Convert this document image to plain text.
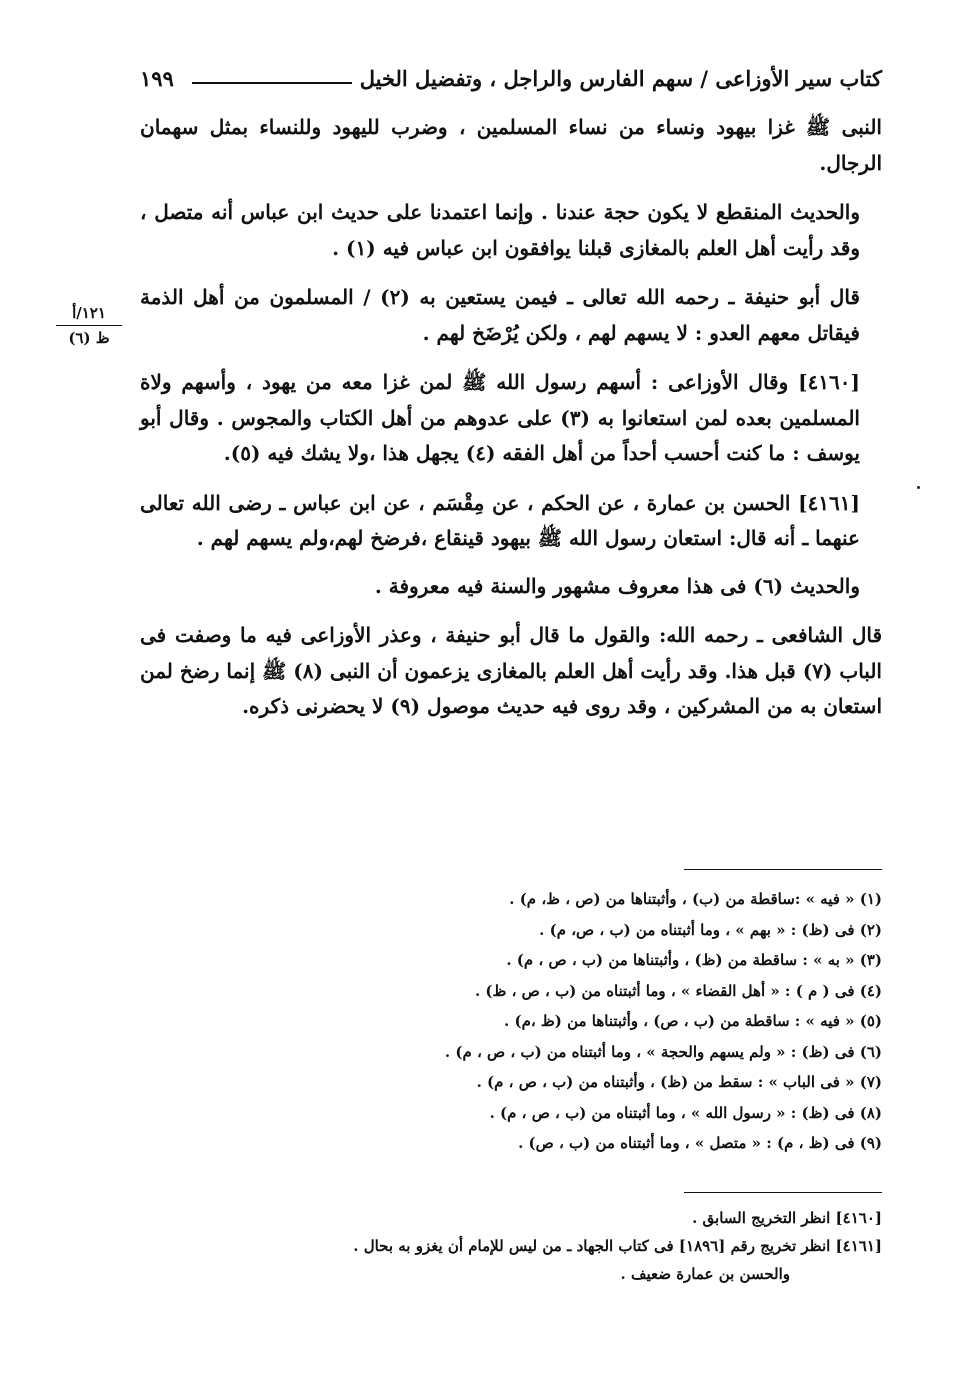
كتاب سير الأوزاعى / سهم الفارس والراجل ، وتفضيل الخيل
١٩٩
١٢١/أ
ظ (٦)

النبى ﷺ غزا بيهود ونساء من نساء المسلمين ، وضرب لليهود وللنساء بمثل سهمان الرجال.

والحديث المنقطع لا يكون حجة عندنا . وإنما اعتمدنا على حديث ابن عباس أنه متصل ، وقد رأيت أهل العلم بالمغازى قبلنا يوافقون ابن عباس فيه (١) .

قال أبو حنيفة ـ رحمه الله تعالى ـ فيمن يستعين به (٢) / المسلمون من أهل الذمة فيقاتل معهم العدو : لا يسهم لهم ، ولكن يُرْضَخ لهم .

[٤١٦٠] وقال الأوزاعى : أسهم رسول الله ﷺ لمن غزا معه من يهود ، وأسهم ولاة المسلمين بعده لمن استعانوا به (٣) على عدوهم من أهل الكتاب والمجوس . وقال أبو يوسف : ما كنت أحسب أحداً من أهل الفقه (٤) يجهل هذا ،ولا يشك فيه (٥).

[٤١٦١] الحسن بن عمارة ، عن الحكم ، عن مِقْسَم ، عن ابن عباس ـ رضى الله تعالى عنهما ـ أنه قال: استعان رسول الله ﷺ بيهود قينقاع ،فرضخ لهم،ولم يسهم لهم .

والحديث (٦) فى هذا معروف مشهور والسنة فيه معروفة .

قال الشافعى ـ رحمه الله: والقول ما قال أبو حنيفة ، وعذر الأوزاعى فيه ما وصفت فى الباب (٧) قبل هذا. وقد رأيت أهل العلم بالمغازى يزعمون أن النبى (٨) ﷺ إنما رضخ لمن استعان به من المشركين ، وقد روى فيه حديث موصول (٩) لا يحضرنى ذكره.

(١) « فيه » :ساقطة من (ب) ، وأثبتناها من (ص ، ظ، م) .
(٢) فى (ظ) : « بهم » ، وما أثبتناه من (ب ، ص، م) .
(٣) « به » : ساقطة من (ظ) ، وأثبتناها من (ب ، ص ، م) .
(٤) فى ( م ) : « أهل القضاء » ، وما أثبتناه من (ب ، ص ، ظ) .
(٥) « فيه » : ساقطة من (ب ، ص) ، وأثبتناها من (ظ ،م) .
(٦) فى (ظ) : « ولم يسهم والحجة » ، وما أثبتناه من (ب ، ص ، م) .
(٧) « فى الباب » : سقط من (ظ) ، وأثبتناه من (ب ، ص ، م) .
(٨) فى (ظ) : « رسول الله » ، وما أثبتناه من (ب ، ص ، م) .
(٩) فى (ظ ، م) : « متصل » ، وما أثبتناه من (ب ، ص) .

[٤١٦٠] انظر التخريج السابق .

[٤١٦١] انظر تخريج رقم [١٨٩٦] فى كتاب الجهاد ـ من ليس للإمام أن يغزو به بحال .

والحسن بن عمارة ضعيف .
